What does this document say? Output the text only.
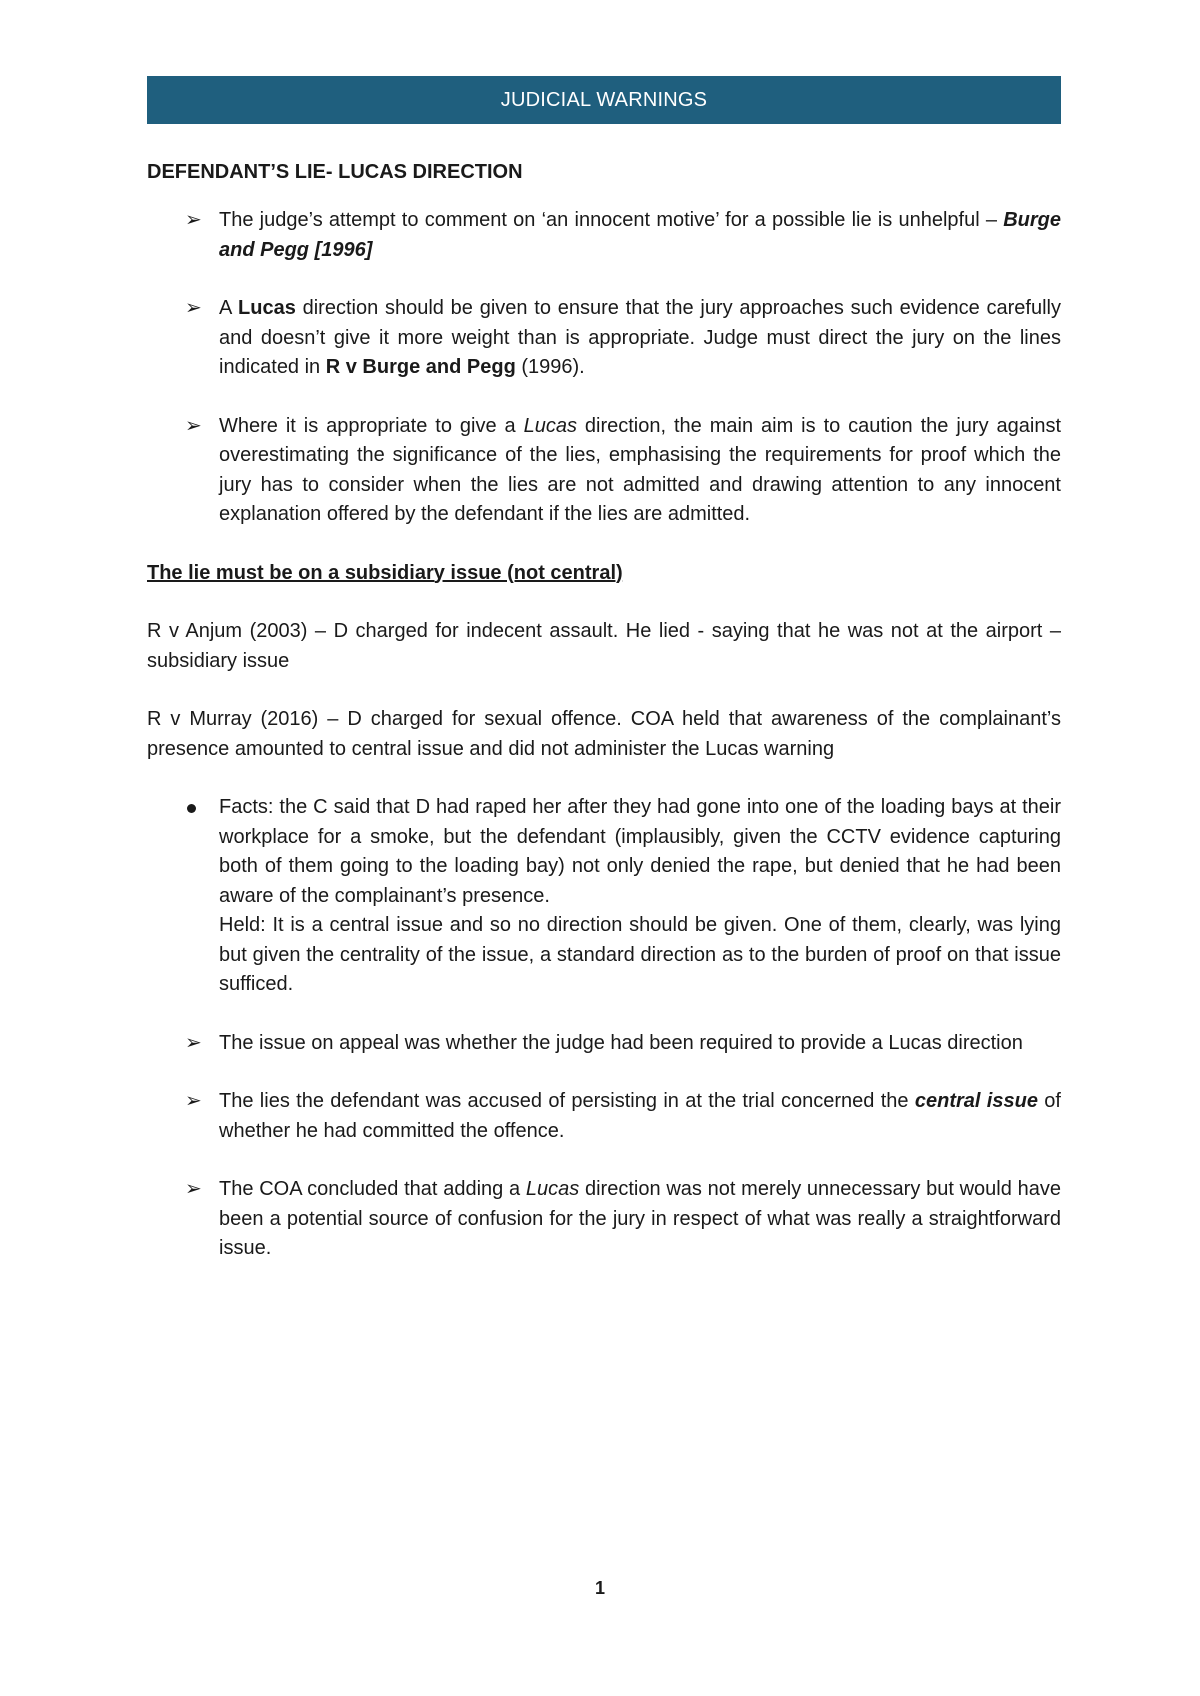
JUDICIAL WARNINGS
DEFENDANT’S LIE- LUCAS DIRECTION
➢ The judge’s attempt to comment on ‘an innocent motive’ for a possible lie is unhelpful – Burge and Pegg [1996]
➢ A Lucas direction should be given to ensure that the jury approaches such evidence carefully and doesn’t give it more weight than is appropriate. Judge must direct the jury on the lines indicated in R v Burge and Pegg (1996).
➢ Where it is appropriate to give a Lucas direction, the main aim is to caution the jury against overestimating the significance of the lies, emphasising the requirements for proof which the jury has to consider when the lies are not admitted and drawing attention to any innocent explanation offered by the defendant if the lies are admitted.
The lie must be on a subsidiary issue (not central)
R v Anjum (2003) – D charged for indecent assault. He lied - saying that he was not at the airport – subsidiary issue
R v Murray (2016) – D charged for sexual offence. COA held that awareness of the complainant’s presence amounted to central issue and did not administer the Lucas warning
Facts: the C said that D had raped her after they had gone into one of the loading bays at their workplace for a smoke, but the defendant (implausibly, given the CCTV evidence capturing both of them going to the loading bay) not only denied the rape, but denied that he had been aware of the complainant’s presence.
Held: It is a central issue and so no direction should be given. One of them, clearly, was lying but given the centrality of the issue, a standard direction as to the burden of proof on that issue sufficed.
➢ The issue on appeal was whether the judge had been required to provide a Lucas direction
➢ The lies the defendant was accused of persisting in at the trial concerned the central issue of whether he had committed the offence.
➢ The COA concluded that adding a Lucas direction was not merely unnecessary but would have been a potential source of confusion for the jury in respect of what was really a straightforward issue.
1
